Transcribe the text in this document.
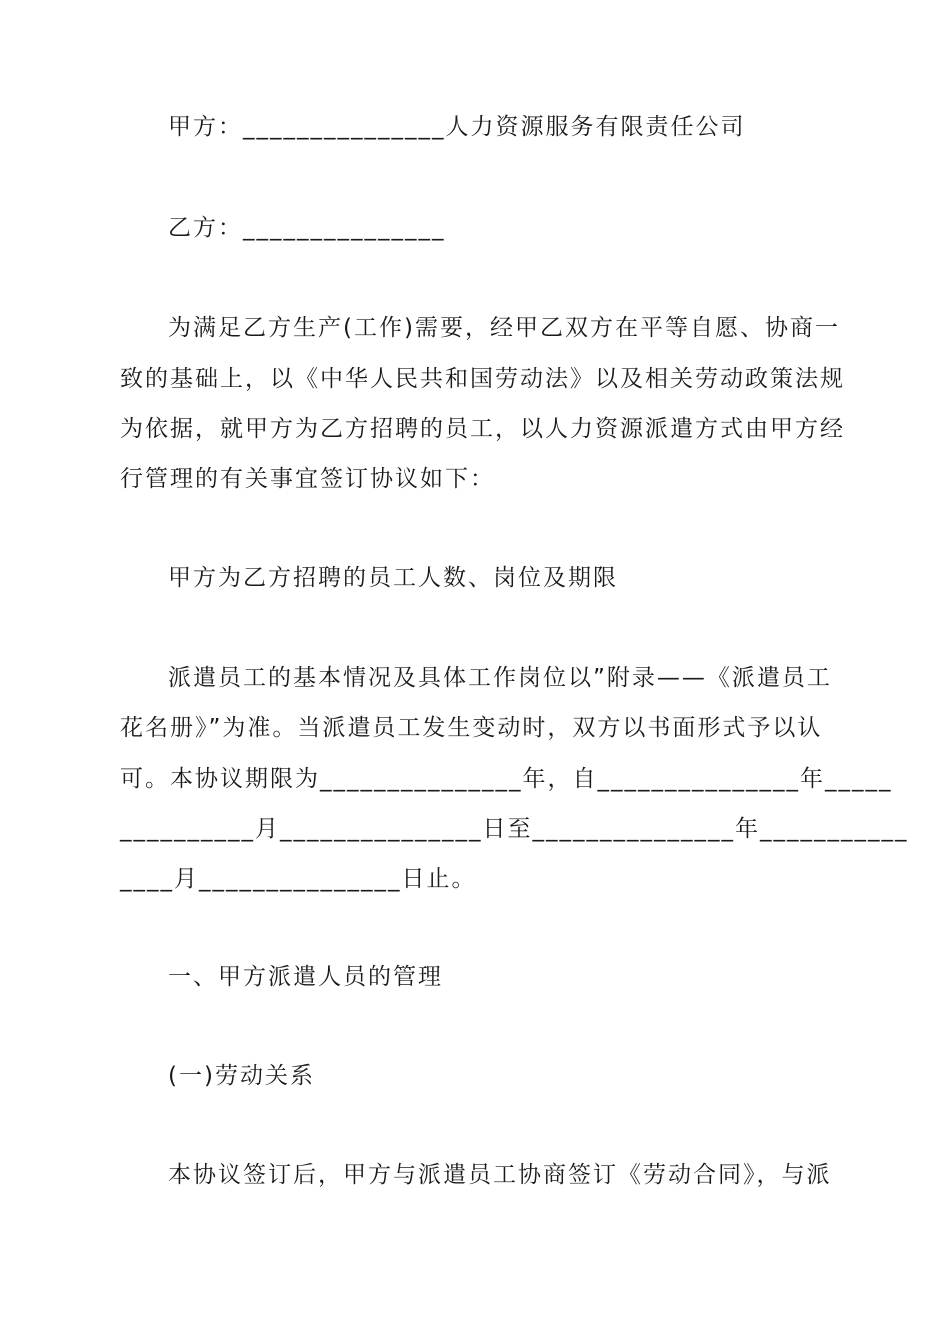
甲方：_______________人力资源服务有限责任公司
乙方：_______________
为满足乙方生产(工作)需要，经甲乙双方在平等自愿、协商一
致的基础上，以《中华人民共和国劳动法》以及相关劳动政策法规
为依据，就甲方为乙方招聘的员工，以人力资源派遣方式由甲方经
行管理的有关事宜签订协议如下：
甲方为乙方招聘的员工人数、岗位及期限
派遣员工的基本情况及具体工作岗位以”附录——《派遣员工
花名册》”为准。当派遣员工发生变动时，双方以书面形式予以认
可。本协议期限为_______________年，自_______________年_____
__________月_______________日至_______________年___________
____月_______________日止。
一、甲方派遣人员的管理
(一)劳动关系
本协议签订后，甲方与派遣员工协商签订《劳动合同》，与派
